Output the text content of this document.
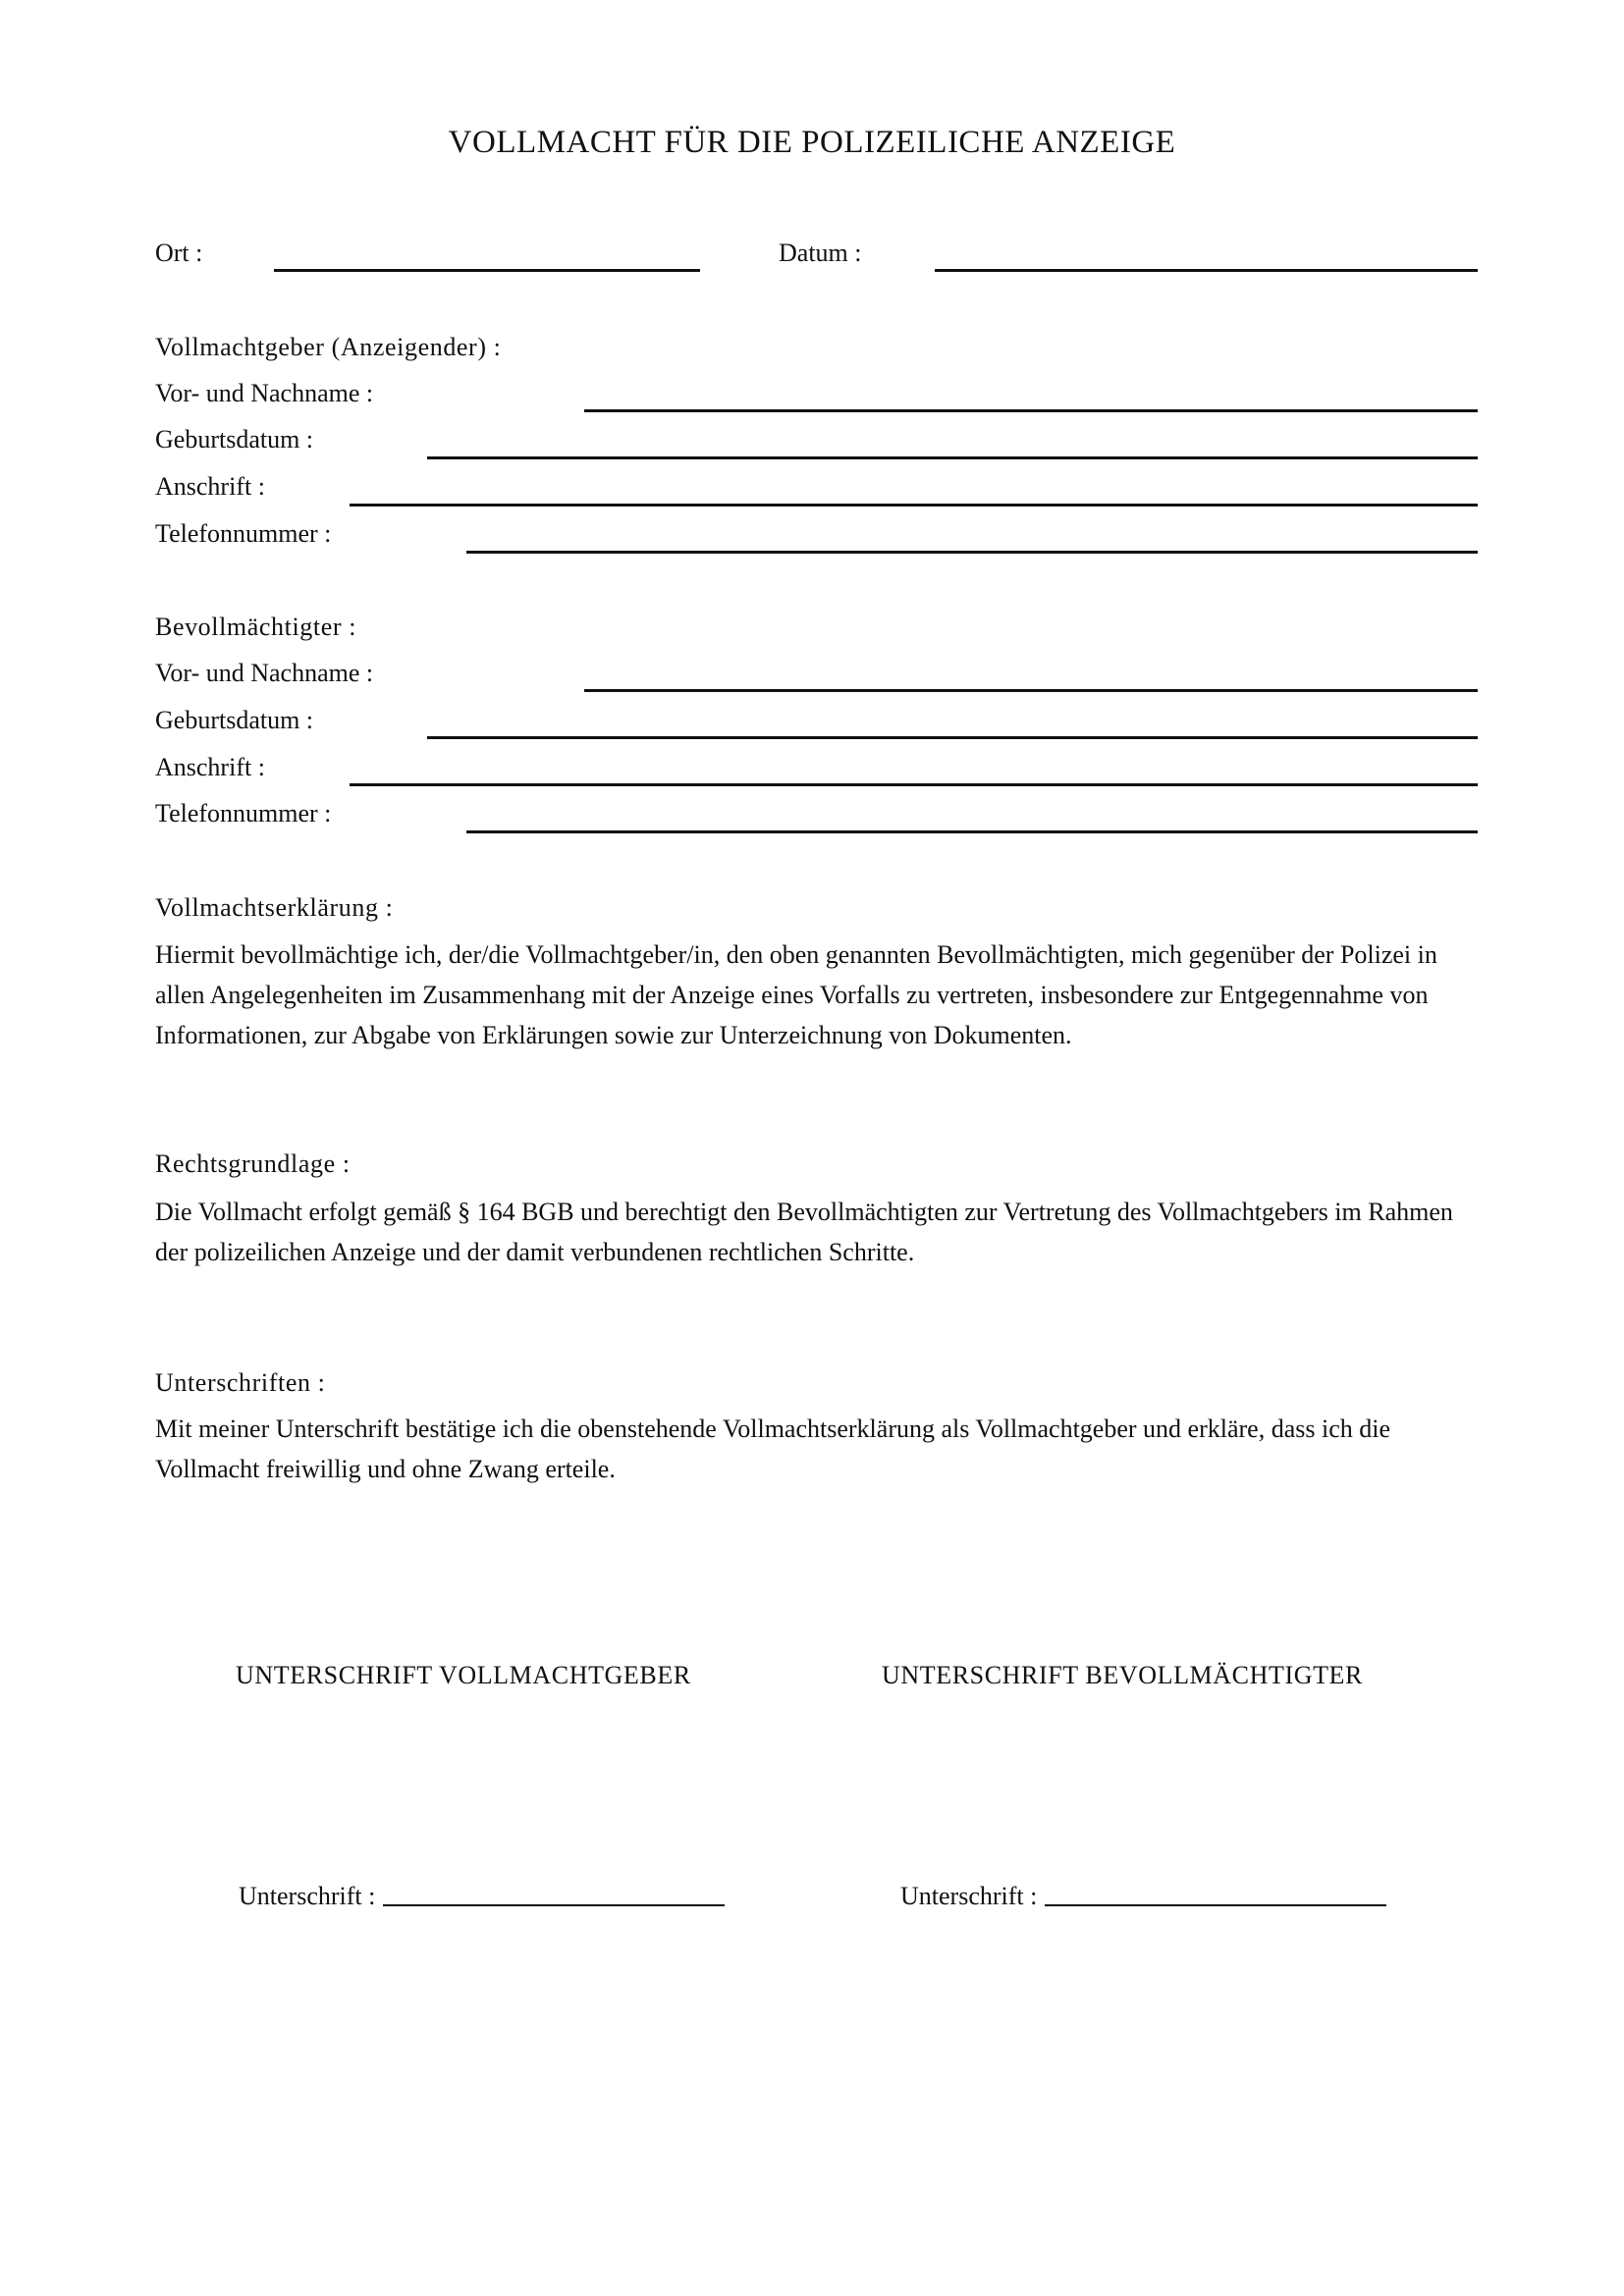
VOLLMACHT FÜR DIE POLIZEILICHE ANZEIGE
Ort :	Datum :
Vollmachtgeber (Anzeigender) :
Vor- und Nachname :
Geburtsdatum :
Anschrift :
Telefonnummer :
Bevollmächtigter :
Vor- und Nachname :
Geburtsdatum :
Anschrift :
Telefonnummer :
Vollmachtserklärung :
Hiermit bevollmächtige ich, der/die Vollmachtgeber/in, den oben genannten Bevollmächtigten, mich gegenüber der Polizei in allen Angelegenheiten im Zusammenhang mit der Anzeige eines Vorfalls zu vertreten, insbesondere zur Entgegennahme von Informationen, zur Abgabe von Erklärungen sowie zur Unterzeichnung von Dokumenten.
Rechtsgrundlage :
Die Vollmacht erfolgt gemäß § 164 BGB und berechtigt den Bevollmächtigten zur Vertretung des Vollmachtgebers im Rahmen der polizeilichen Anzeige und der damit verbundenen rechtlichen Schritte.
Unterschriften :
Mit meiner Unterschrift bestätige ich die obenstehende Vollmachtserklärung als Vollmachtgeber und erkläre, dass ich die Vollmacht freiwillig und ohne Zwang erteile.
UNTERSCHRIFT VOLLMACHTGEBER	UNTERSCHRIFT BEVOLLMÄCHTIGTER
Unterschrift :	Unterschrift :
